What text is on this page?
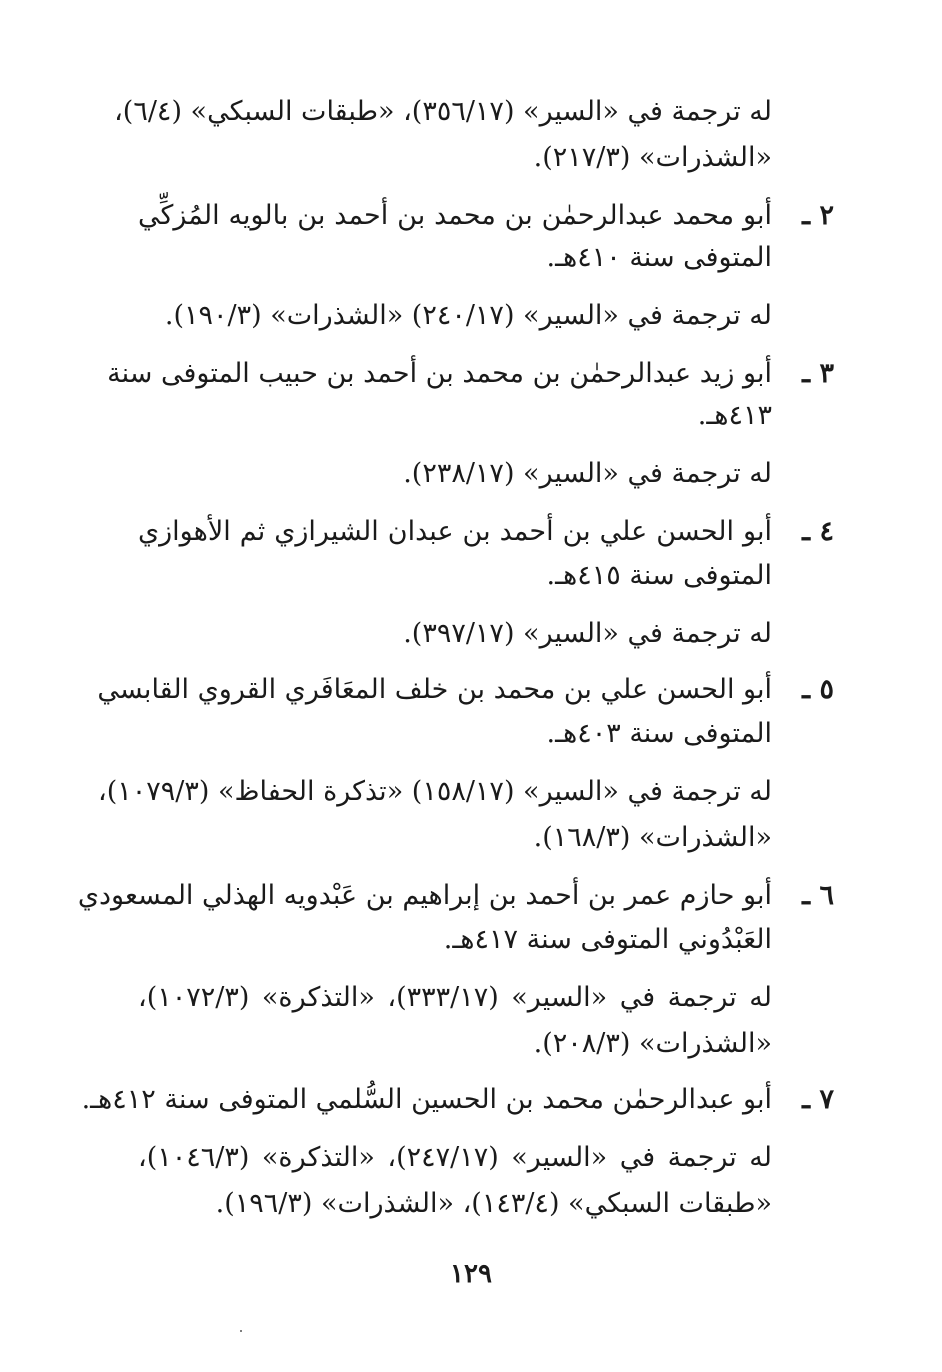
له ترجمة في «السير» (٣٥٦/١٧)، «طبقات السبكي» (٦/٤)،
«الشذرات» (٢١٧/٣).
٢ ـ
أبو محمد عبدالرحمٰن بن محمد بن أحمد بن بالويه المُزكِّي
المتوفى سنة ٤١٠هـ.
له ترجمة في «السير» (٢٤٠/١٧) «الشذرات» (١٩٠/٣).
٣ ـ
أبو زيد عبدالرحمٰن بن محمد بن أحمد بن حبيب المتوفى سنة
٤١٣هـ.
له ترجمة في «السير» (٢٣٨/١٧).
٤ ـ
أبو الحسن علي بن أحمد بن عبدان الشيرازي ثم الأهوازي
المتوفى سنة ٤١٥هـ.
له ترجمة في «السير» (٣٩٧/١٧).
٥ ـ
أبو الحسن علي بن محمد بن خلف المعَافَري القروي القابسي
المتوفى سنة ٤٠٣هـ.
له ترجمة في «السير» (١٥٨/١٧) «تذكرة الحفاظ» (١٠٧٩/٣)،
«الشذرات» (١٦٨/٣).
٦ ـ
أبو حازم عمر بن أحمد بن إبراهيم بن عَبْدويه الهذلي المسعودي
العَبْدُوني المتوفى سنة ٤١٧هـ.
له ترجمة في «السير» (٣٣٣/١٧)، «التذكرة» (١٠٧٢/٣)،
«الشذرات» (٢٠٨/٣).
٧ ـ
أبو عبدالرحمٰن محمد بن الحسين السُّلمي المتوفى سنة ٤١٢هـ.
له ترجمة في «السير» (٢٤٧/١٧)، «التذكرة» (١٠٤٦/٣)،
«طبقات السبكي» (١٤٣/٤)، «الشذرات» (١٩٦/٣).
١٢٩
